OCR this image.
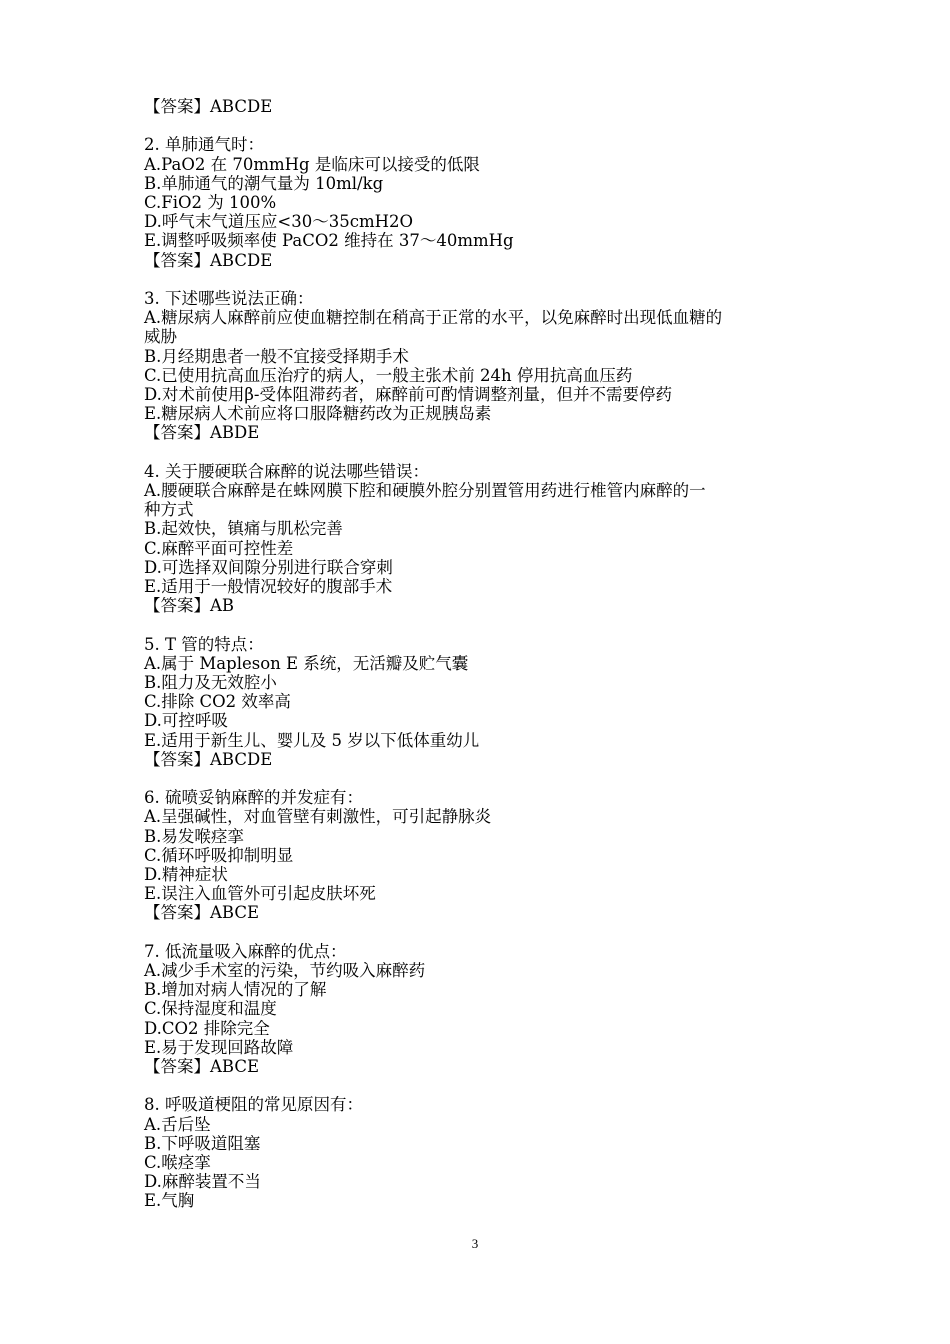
【答案】ABCDE

2. 单肺通气时：

A.PaO2 在 70mmHg 是临床可以接受的低限

B.单肺通气的潮气量为 10ml/kg

C.FiO2 为 100%

D.呼气末气道压应<30～35cmH2O

E.调整呼吸频率使 PaCO2 维持在 37～40mmHg

【答案】ABCDE

3. 下述哪些说法正确：

A.糖尿病人麻醉前应使血糖控制在稍高于正常的水平，以免麻醉时出现低血糖的

威胁

B.月经期患者一般不宜接受择期手术

C.已使用抗高血压治疗的病人，一般主张术前 24h 停用抗高血压药

D.对术前使用β-受体阻滞药者，麻醉前可酌情调整剂量，但并不需要停药

E.糖尿病人术前应将口服降糖药改为正规胰岛素

【答案】ABDE

4. 关于腰硬联合麻醉的说法哪些错误：

A.腰硬联合麻醉是在蛛网膜下腔和硬膜外腔分别置管用药进行椎管内麻醉的一

种方式

B.起效快，镇痛与肌松完善

C.麻醉平面可控性差

D.可选择双间隙分别进行联合穿刺

E.适用于一般情况较好的腹部手术

【答案】AB

5. T 管的特点：

A.属于 Mapleson E 系统，无活瓣及贮气囊

B.阻力及无效腔小

C.排除 CO2 效率高

D.可控呼吸

E.适用于新生儿、婴儿及 5 岁以下低体重幼儿

【答案】ABCDE

6. 硫喷妥钠麻醉的并发症有：

A.呈强碱性，对血管壁有刺激性，可引起静脉炎

B.易发喉痉挛

C.循环呼吸抑制明显

D.精神症状

E.误注入血管外可引起皮肤坏死

【答案】ABCE

7. 低流量吸入麻醉的优点：

A.减少手术室的污染，节约吸入麻醉药

B.增加对病人情况的了解

C.保持湿度和温度

D.CO2 排除完全

E.易于发现回路故障

【答案】ABCE

8. 呼吸道梗阻的常见原因有：

A.舌后坠

B.下呼吸道阻塞

C.喉痉挛

D.麻醉装置不当

E.气胸

3
